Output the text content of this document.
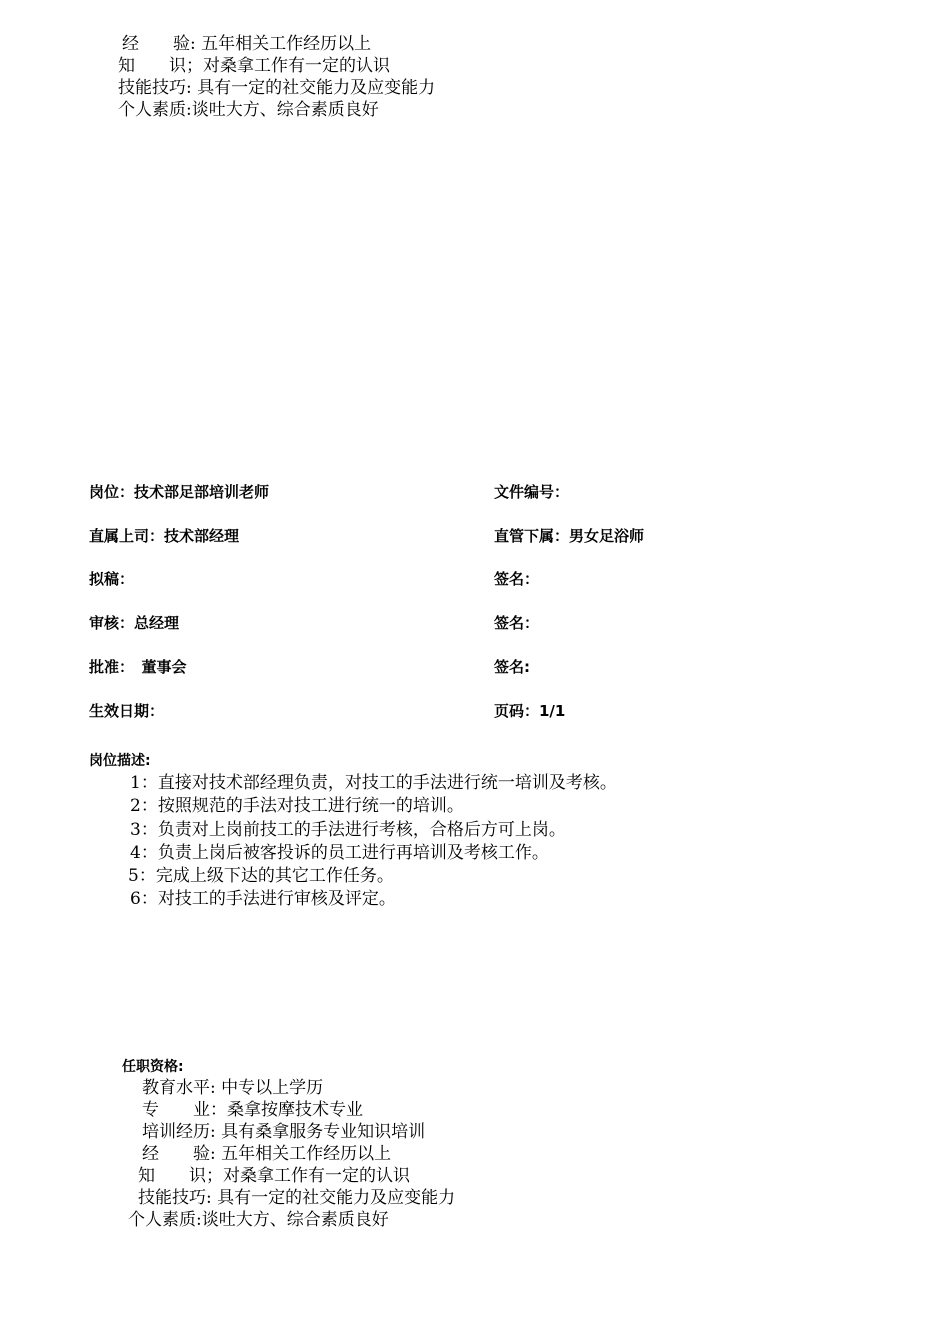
经　　验: 五年相关工作经历以上
知　　识；对桑拿工作有一定的认识
技能技巧: 具有一定的社交能力及应变能力
个人素质:谈吐大方、综合素质良好
岗位：技术部足部培训老师	文件编号：
直属上司：技术部经理	直管下属：男女足浴师
拟稿：	签名：
审核：总经理	签名：
批准：　董事会	签名:
生效日期：	页码：1/1
岗位描述:
1：直接对技术部经理负责，对技工的手法进行统一培训及考核。
2：按照规范的手法对技工进行统一的培训。
3：负责对上岗前技工的手法进行考核，合格后方可上岗。
4：负责上岗后被客投诉的员工进行再培训及考核工作。
5：完成上级下达的其它工作任务。
6：对技工的手法进行审核及评定。
任职资格:
教育水平: 中专以上学历
专　　业：桑拿按摩技术专业
培训经历: 具有桑拿服务专业知识培训
经　　验: 五年相关工作经历以上
知　　识；对桑拿工作有一定的认识
技能技巧: 具有一定的社交能力及应变能力
个人素质:谈吐大方、综合素质良好
